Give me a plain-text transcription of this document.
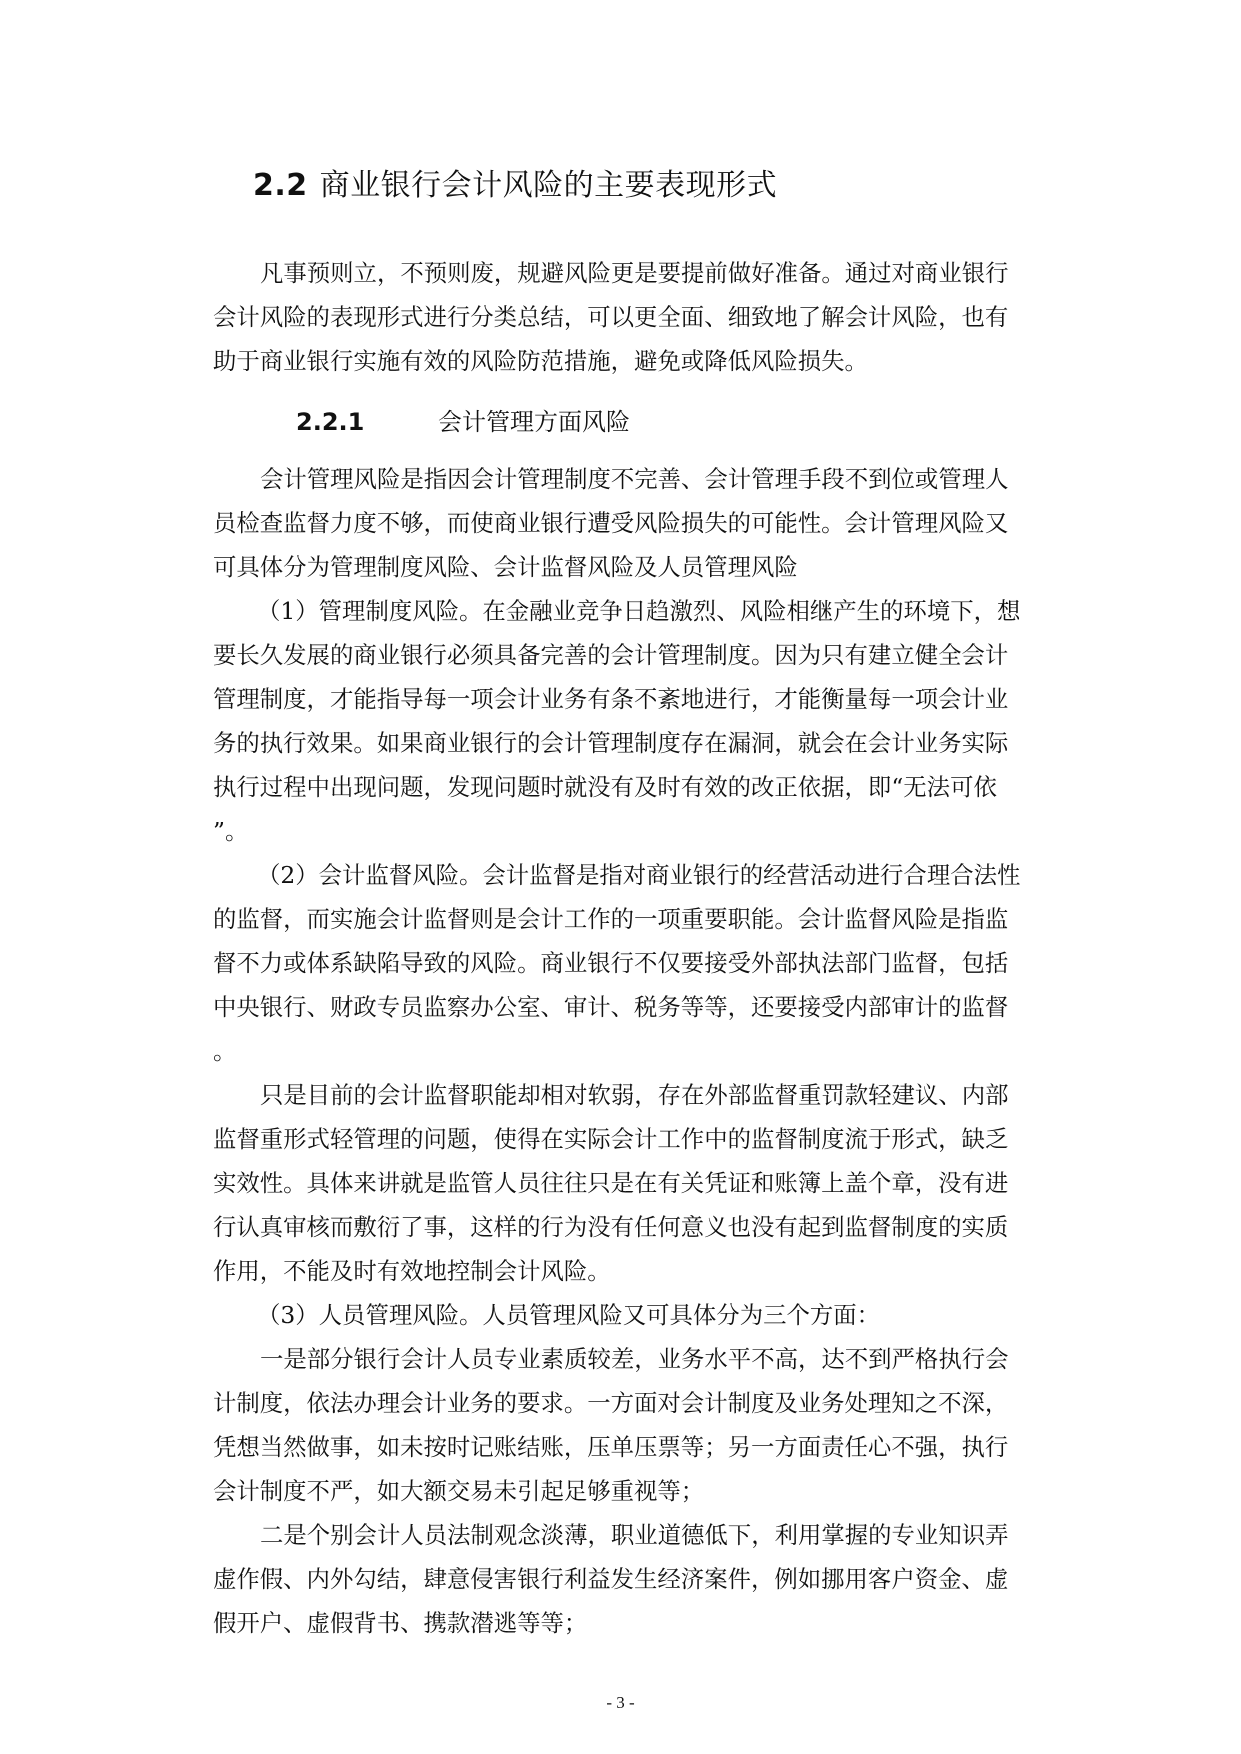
2.2 商业银行会计风险的主要表现形式
凡事预则立，不预则废，规避风险更是要提前做好准备。通过对商业银行
会计风险的表现形式进行分类总结，可以更全面、细致地了解会计风险，也有
助于商业银行实施有效的风险防范措施，避免或降低风险损失。
2.2.1	会计管理方面风险

会计管理风险是指因会计管理制度不完善、会计管理手段不到位或管理人
员检查监督力度不够，而使商业银行遭受风险损失的可能性。会计管理风险又
可具体分为管理制度风险、会计监督风险及人员管理风险

（1）管理制度风险。在金融业竞争日趋激烈、风险相继产生的环境下，想
要长久发展的商业银行必须具备完善的会计管理制度。因为只有建立健全会计
管理制度，才能指导每一项会计业务有条不紊地进行，才能衡量每一项会计业
务的执行效果。如果商业银行的会计管理制度存在漏洞，就会在会计业务实际
执行过程中出现问题，发现问题时就没有及时有效的改正依据，即“无法可依
”。

（2）会计监督风险。会计监督是指对商业银行的经营活动进行合理合法性
的监督，而实施会计监督则是会计工作的一项重要职能。会计监督风险是指监
督不力或体系缺陷导致的风险。商业银行不仅要接受外部执法部门监督，包括
中央银行、财政专员监察办公室、审计、税务等等，还要接受内部审计的监督
。

只是目前的会计监督职能却相对软弱，存在外部监督重罚款轻建议、内部
监督重形式轻管理的问题，使得在实际会计工作中的监督制度流于形式，缺乏
实效性。具体来讲就是监管人员往往只是在有关凭证和账簿上盖个章，没有进
行认真审核而敷衍了事，这样的行为没有任何意义也没有起到监督制度的实质
作用，不能及时有效地控制会计风险。

（3）人员管理风险。人员管理风险又可具体分为三个方面：

一是部分银行会计人员专业素质较差，业务水平不高，达不到严格执行会
计制度，依法办理会计业务的要求。一方面对会计制度及业务处理知之不深，
凭想当然做事，如未按时记账结账，压单压票等；另一方面责任心不强，执行
会计制度不严，如大额交易未引起足够重视等；

二是个别会计人员法制观念淡薄，职业道德低下，利用掌握的专业知识弄
虚作假、内外勾结，肆意侵害银行利益发生经济案件，例如挪用客户资金、虚
假开户、虚假背书、携款潜逃等等；

- 3 -
